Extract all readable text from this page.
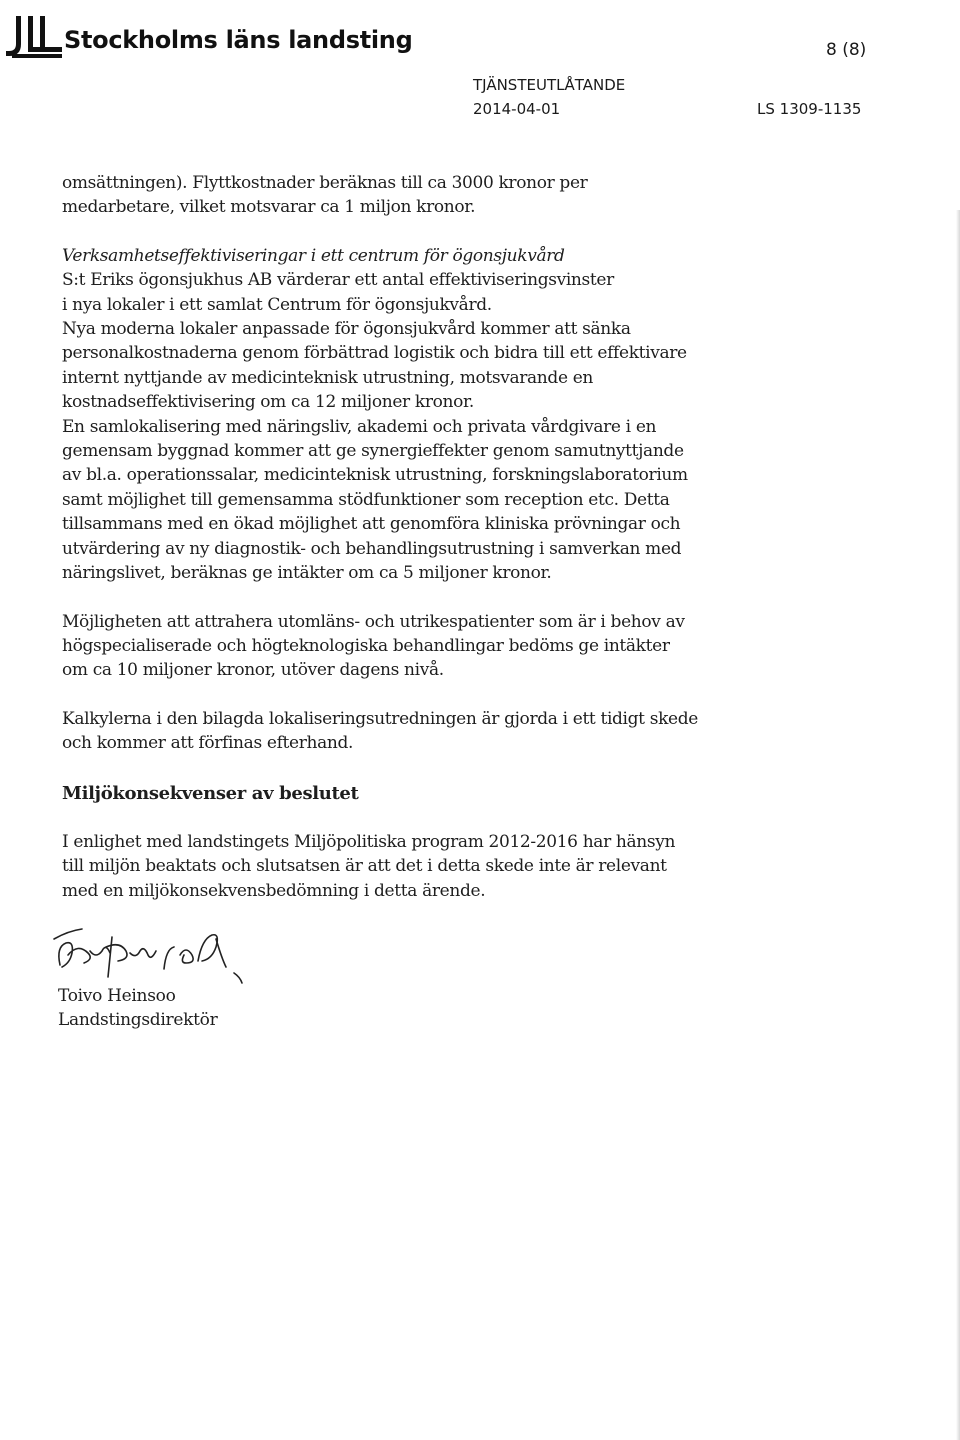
Stockholms läns landsting	8 (8)
TJÄNSTEUTLÅTANDE
2014-04-01	LS 1309-1135
omsättningen). Flyttkostnader beräknas till ca 3000 kronor per
medarbetare, vilket motsvarar ca 1 miljon kronor.
Verksamhetseffektiviseringar i ett centrum för ögonsjukvård
S:t Eriks ögonsjukhus AB värderar ett antal effektiviseringsvinster
i nya lokaler i ett samlat Centrum för ögonsjukvård.
Nya moderna lokaler anpassade för ögonsjukvård kommer att sänka
personalkostnaderna genom förbättrad logistik och bidra till ett effektivare
internt nyttjande av medicinteknisk utrustning, motsvarande en
kostnadseffektivisering om ca 12 miljoner kronor.
En samlokalisering med näringsliv, akademi och privata vårdgivare i en
gemensam byggnad kommer att ge synergieffekter genom samutnyttjande
av bl.a. operationssalar, medicinteknisk utrustning, forskningslaboratorium
samt möjlighet till gemensamma stödfunktioner som reception etc. Detta
tillsammans med en ökad möjlighet att genomföra kliniska prövningar och
utvärdering av ny diagnostik- och behandlingsutrustning i samverkan med
näringslivet, beräknas ge intäkter om ca 5 miljoner kronor.
Möjligheten att attrahera utomläns- och utrikespatienter som är i behov av
högspecialiserade och högteknologiska behandlingar bedöms ge intäkter
om ca 10 miljoner kronor, utöver dagens nivå.
Kalkylerna i den bilagda lokaliseringsutredningen är gjorda i ett tidigt skede
och kommer att förfinas efterhand.
Miljökonsekvenser av beslutet
I enlighet med landstingets Miljöpolitiska program 2012-2016 har hänsyn
till miljön beaktats och slutsatsen är att det i detta skede inte är relevant
med en miljökonsekvensbedömning i detta ärende.
Toivo Heinsoo
Landstingsdirektör
